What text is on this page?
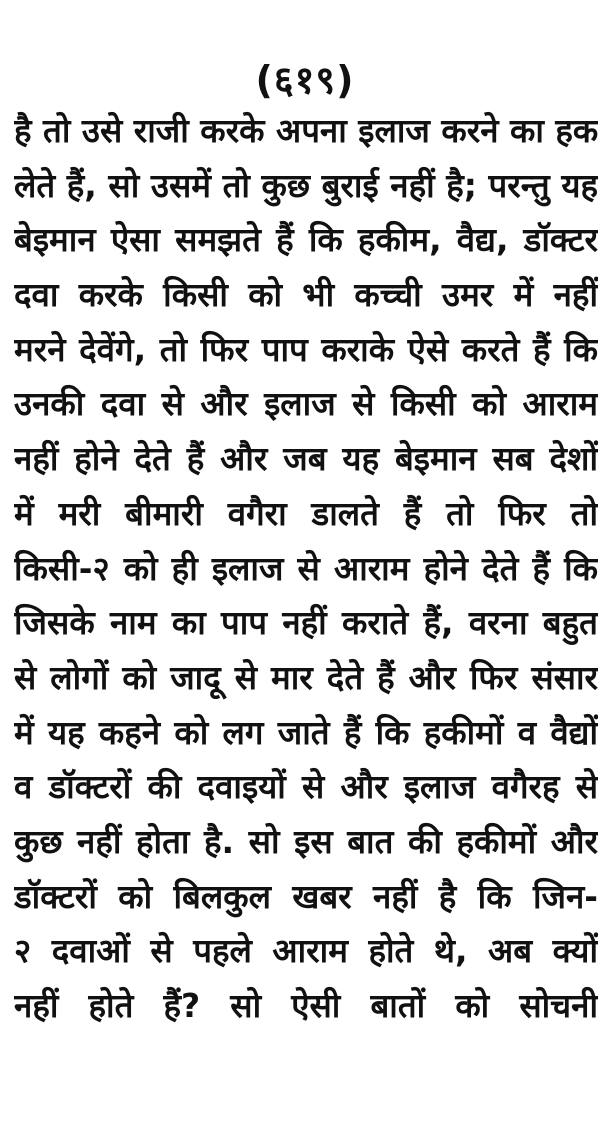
(६१९)
है तो उसे राजी करके अपना इलाज करने का हक
लेते हैं, सो उसमें तो कुछ बुराई नहीं है; परन्तु यह
बेइमान ऐसा समझते हैं कि हकीम, वैद्य, डॉक्टर
दवा करके किसी को भी कच्ची उमर में नहीं
मरने देवेंगे, तो फिर पाप कराके ऐसे करते हैं कि
उनकी दवा से और इलाज से किसी को आराम
नहीं होने देते हैं और जब यह बेइमान सब देशों
में मरी बीमारी वगैरा डालते हैं तो फिर तो
किसी-२ को ही इलाज से आराम होने देते हैं कि
जिसके नाम का पाप नहीं कराते हैं, वरना बहुत
से लोगों को जादू से मार देते हैं और फिर संसार
में यह कहने को लग जाते हैं कि हकीमों व वैद्यों
व डॉक्टरों की दवाइयों से और इलाज वगैरह से
कुछ नहीं होता है. सो इस बात की हकीमों और
डॉक्टरों को बिलकुल खबर नहीं है कि जिन-
२ दवाओं से पहले आराम होते थे, अब क्यों
नहीं होते हैं? सो ऐसी बातों को सोचनी
